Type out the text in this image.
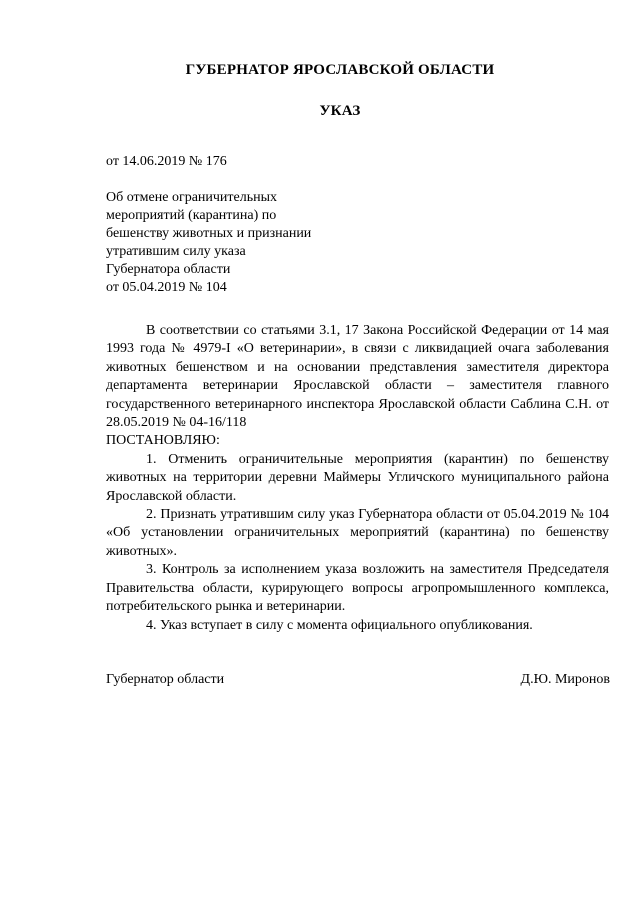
ГУБЕРНАТОР ЯРОСЛАВСКОЙ ОБЛАСТИ
УКАЗ
от 14.06.2019 № 176
Об отмене ограничительных
мероприятий (карантина) по
бешенству животных и признании
утратившим силу указа
Губернатора области
от 05.04.2019 № 104

В соответствии со статьями 3.1, 17 Закона Российской Федерации от 14 мая 1993 года № 4979-I «О ветеринарии», в связи с ликвидацией очага заболевания животных бешенством и на основании представления заместителя директора департамента ветеринарии Ярославской области – заместителя главного государственного ветеринарного инспектора Ярославской области Саблина С.Н. от 28.05.2019 № 04-16/118

ПОСТАНОВЛЯЮ:

1. Отменить ограничительные мероприятия (карантин) по бешенству животных на территории деревни Маймеры Угличского муниципального района Ярославской области.

2. Признать утратившим силу указ Губернатора области от 05.04.2019 № 104 «Об установлении ограничительных мероприятий (карантина) по бешенству животных».

3. Контроль за исполнением указа возложить на заместителя Председателя Правительства области, курирующего вопросы агропромышленного комплекса, потребительского рынка и ветеринарии.

4. Указ вступает в силу с момента официального опубликования.

Губернатор области	Д.Ю. Миронов
